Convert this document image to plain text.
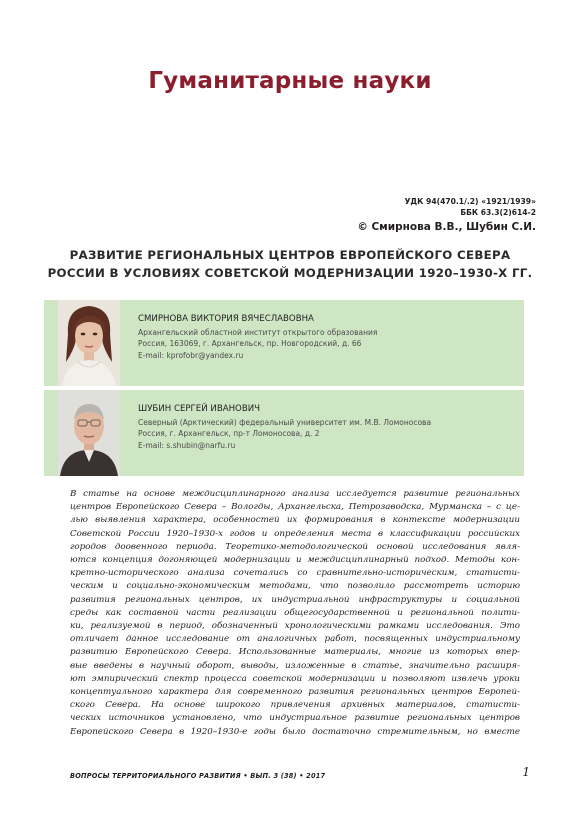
Гуманитарные науки
УДК 94(470.1/.2) «1921/1939»
ББК 63.3(2)614-2
© Смирнова В.В., Шубин С.И.
РАЗВИТИЕ РЕГИОНАЛЬНЫХ ЦЕНТРОВ ЕВРОПЕЙСКОГО СЕВЕРА
РОССИИ В УСЛОВИЯХ СОВЕТСКОЙ МОДЕРНИЗАЦИИ 1920–1930-Х ГГ.
СМИРНОВА ВИКТОРИЯ ВЯЧЕСЛАВОВНА
Архангельский областной институт открытого образования
Россия, 163069, г. Архангельск, пр. Новгородский, д. 66
E-mail: kprofobr@yandex.ru
ШУБИН СЕРГЕЙ ИВАНОВИЧ
Северный (Арктический) федеральный университет им. М.В. Ломоносова
Россия, г. Архангельск, пр-т Ломоносова, д. 2
E-mail: s.shubin@narfu.ru
В статье на основе междисциплинарного анализа исследуется развитие региональных
центров Европейского Севера – Вологды, Архангельска, Петрозаводска, Мурманска – с це-
лью выявления характера, особенностей их формирования в контексте модернизации
Советской России 1920–1930-х годов и определения места в классификации российских
городов доовенного периода. Теоретико-методологической основой исследования явля-
ются концепция догоняющей модернизации и междисциплинарный подход. Методы кон-
кретно-исторического анализа сочетались со сравнительно-историческим, статисти-
ческим и социально-экономическим методами, что позволило рассмотреть историю
развития региональных центров, их индустриальной инфраструктуры и социальной
среды как составной части реализации общегосударственной и региональной полити-
ки, реализуемой в период, обозначенный хронологическими рамками исследования. Это
отличает данное исследование от аналогичных работ, посвященных индустриальному
развитию Европейского Севера. Использованные материалы, многие из которых впер-
вые введены в научный оборот, выводы, изложенные в статье, значительно расширя-
ют эмпирический спектр процесса советской модернизации и позволяют извлечь уроки
концептуального характера для современного развития региональных центров Европей-
ского Севера. На основе широкого привлечения архивных материалов, статисти-
ческих источников установлено, что индустриальное развитие региональных центров
Европейского Севера в 1920–1930-е годы было достаточно стремительным, но вместе
ВОПРОСЫ ТЕРРИТОРИАЛЬНОГО РАЗВИТИЯ • ВЫП. 3 (38) • 2017	1
